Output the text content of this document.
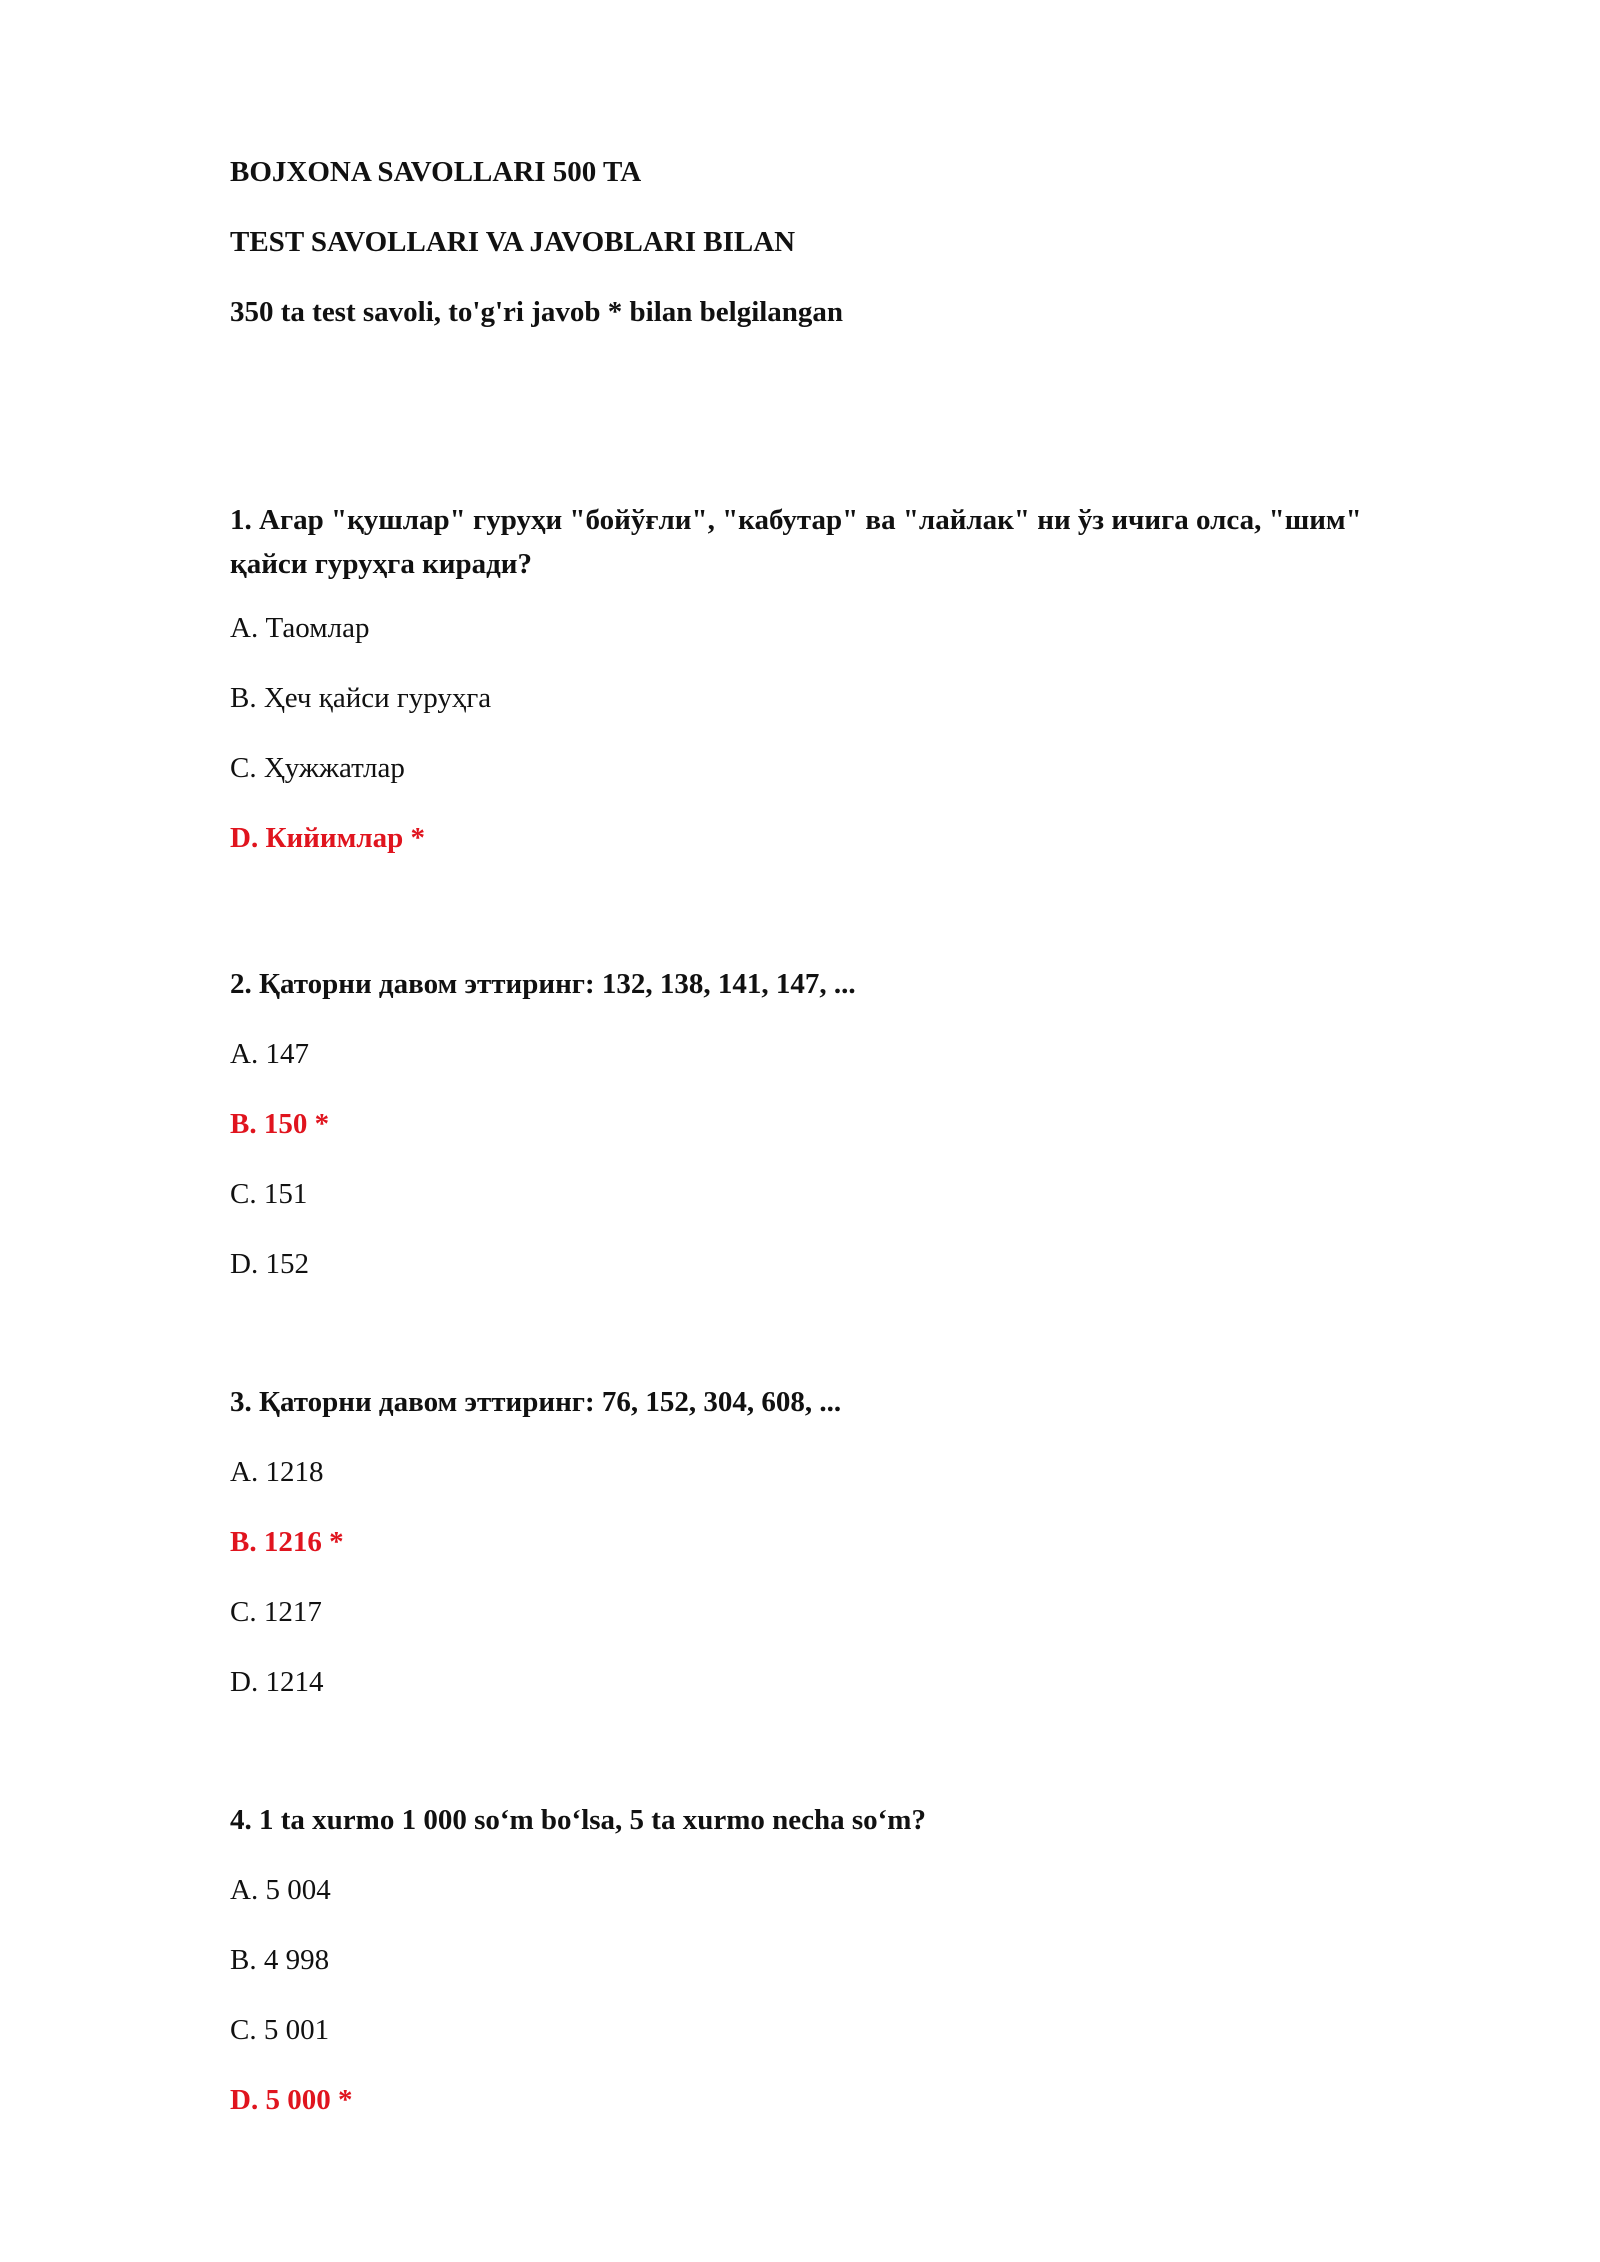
BOJXONA SAVOLLARI 500 TA
TEST SAVOLLARI VA JAVOBLARI BILAN
350 ta test savoli, to'g'ri javob * bilan belgilangan

1. Агар "қушлар" гуруҳи "бойўғли", "кабутар" ва "лайлак" ни ўз ичига олса, "шим" қайси гуруҳга киради?

A. Таомлар

B. Ҳеч қайси гуруҳга

C. Ҳужжатлар

D. Кийимлар *

2. Қаторни давом эттиринг: 132, 138, 141, 147, ...

A. 147

B. 150 *

C. 151

D. 152

3. Қаторни давом эттиринг: 76, 152, 304, 608, ...

A. 1218

B. 1216 *

C. 1217

D. 1214

4. 1 ta xurmo 1 000 so‘m bo‘lsa, 5 ta xurmo necha so‘m?

A. 5 004

B. 4 998

C. 5 001

D. 5 000 *
